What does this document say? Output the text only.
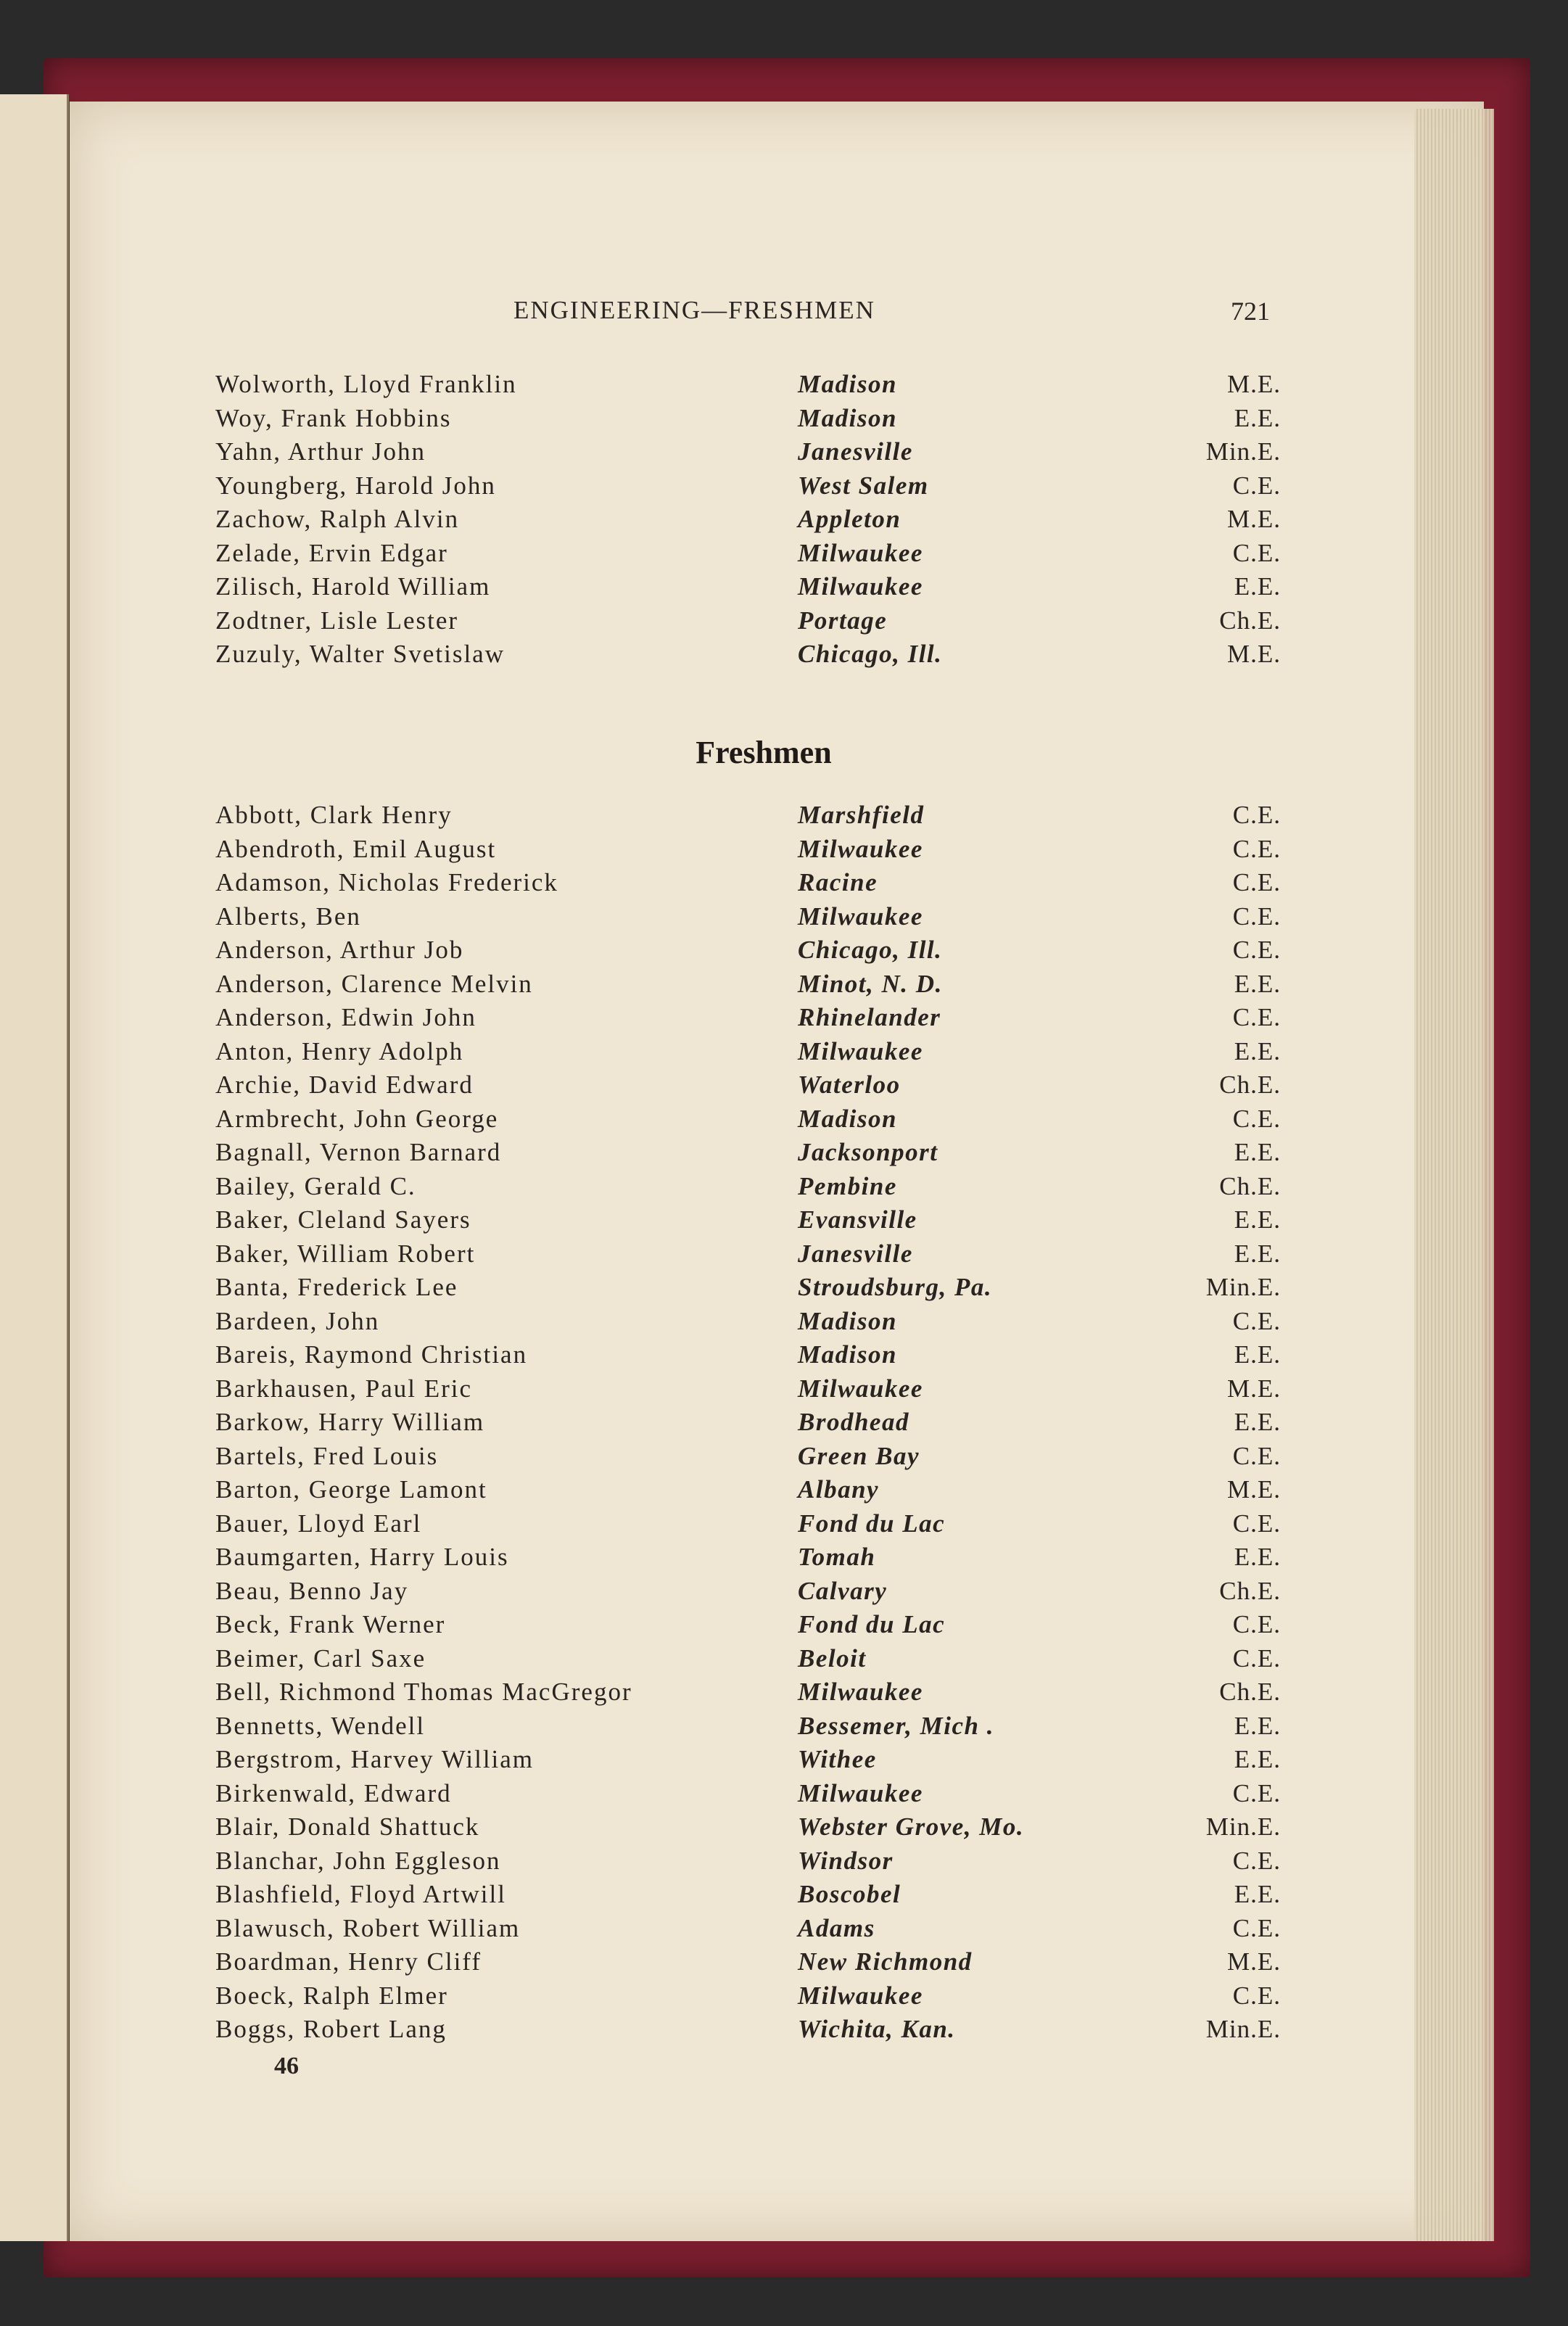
ENGINEERING—FRESHMEN	721
Wolworth, Lloyd Franklin	Madison	M.E.
Woy, Frank Hobbins	Madison	E.E.
Yahn, Arthur John	Janesville	Min.E.
Youngberg, Harold John	West Salem	C.E.
Zachow, Ralph Alvin	Appleton	M.E.
Zelade, Ervin Edgar	Milwaukee	C.E.
Zilisch, Harold William	Milwaukee	E.E.
Zodtner, Lisle Lester	Portage	Ch.E.
Zuzuly, Walter Svetislaw	Chicago, Ill.	M.E.
Freshmen
Abbott, Clark Henry	Marshfield	C.E.
Abendroth, Emil August	Milwaukee	C.E.
Adamson, Nicholas Frederick	Racine	C.E.
Alberts, Ben	Milwaukee	C.E.
Anderson, Arthur Job	Chicago, Ill.	C.E.
Anderson, Clarence Melvin	Minot, N. D.	E.E.
Anderson, Edwin John	Rhinelander	C.E.
Anton, Henry Adolph	Milwaukee	E.E.
Archie, David Edward	Waterloo	Ch.E.
Armbrecht, John George	Madison	C.E.
Bagnall, Vernon Barnard	Jacksonport	E.E.
Bailey, Gerald C.	Pembine	Ch.E.
Baker, Cleland Sayers	Evansville	E.E.
Baker, William Robert	Janesville	E.E.
Banta, Frederick Lee	Stroudsburg, Pa.	Min.E.
Bardeen, John	Madison	C.E.
Bareis, Raymond Christian	Madison	E.E.
Barkhausen, Paul Eric	Milwaukee	M.E.
Barkow, Harry William	Brodhead	E.E.
Bartels, Fred Louis	Green Bay	C.E.
Barton, George Lamont	Albany	M.E.
Bauer, Lloyd Earl	Fond du Lac	C.E.
Baumgarten, Harry Louis	Tomah	E.E.
Beau, Benno Jay	Calvary	Ch.E.
Beck, Frank Werner	Fond du Lac	C.E.
Beimer, Carl Saxe	Beloit	C.E.
Bell, Richmond Thomas MacGregor	Milwaukee	Ch.E.
Bennetts, Wendell	Bessemer, Mich .	E.E.
Bergstrom, Harvey William	Withee	E.E.
Birkenwald, Edward	Milwaukee	C.E.
Blair, Donald Shattuck	Webster Grove, Mo.	Min.E.
Blanchar, John Eggleson	Windsor	C.E.
Blashfield, Floyd Artwill	Boscobel	E.E.
Blawusch, Robert William	Adams	C.E.
Boardman, Henry Cliff	New Richmond	M.E.
Boeck, Ralph Elmer	Milwaukee	C.E.
Boggs, Robert Lang	Wichita, Kan.	Min.E.
46
